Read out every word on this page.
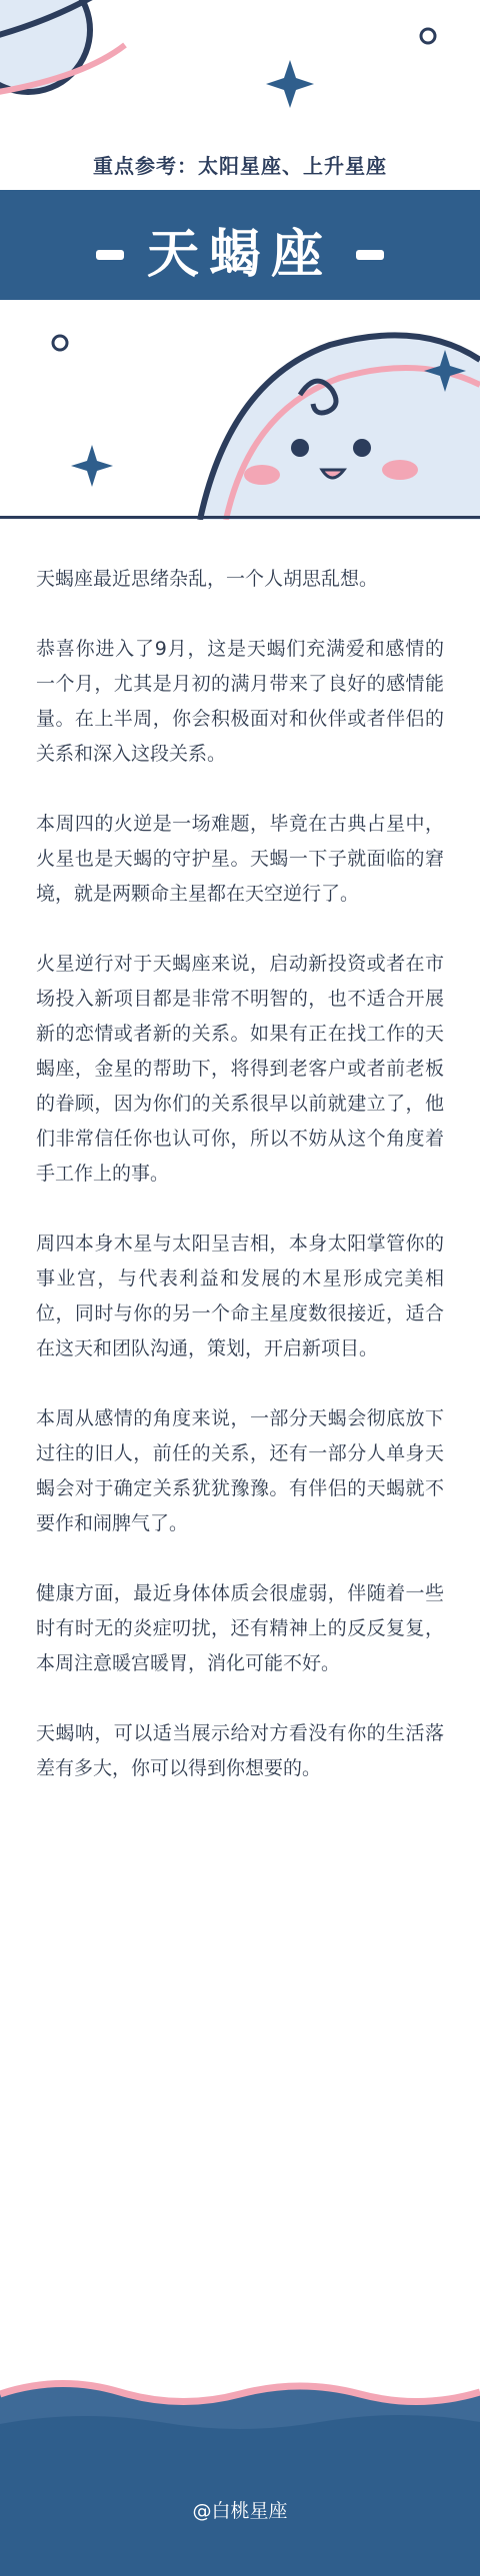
重点参考：太阳星座、上升星座
天蝎座

天蝎座最近思绪杂乱，一个人胡思乱想。

恭喜你进入了9月，这是天蝎们充满爱和感情的一个月，尤其是月初的满月带来了良好的感情能量。在上半周，你会积极面对和伙伴或者伴侣的关系和深入这段关系。

本周四的火逆是一场难题，毕竟在古典占星中，火星也是天蝎的守护星。天蝎一下子就面临的窘境，就是两颗命主星都在天空逆行了。

火星逆行对于天蝎座来说，启动新投资或者在市场投入新项目都是非常不明智的，也不适合开展新的恋情或者新的关系。如果有正在找工作的天蝎座，金星的帮助下，将得到老客户或者前老板的眷顾，因为你们的关系很早以前就建立了，他们非常信任你也认可你，所以不妨从这个角度着手工作上的事。

周四本身木星与太阳呈吉相，本身太阳掌管你的事业宫，与代表利益和发展的木星形成完美相位，同时与你的另一个命主星度数很接近，适合在这天和团队沟通，策划，开启新项目。

本周从感情的角度来说，一部分天蝎会彻底放下过往的旧人，前任的关系，还有一部分人单身天蝎会对于确定关系犹犹豫豫。有伴侣的天蝎就不要作和闹脾气了。

健康方面，最近身体体质会很虚弱，伴随着一些时有时无的炎症叨扰，还有精神上的反反复复，本周注意暖宫暖胃，消化可能不好。

天蝎呐，可以适当展示给对方看没有你的生活落差有多大，你可以得到你想要的。

@白桃星座
